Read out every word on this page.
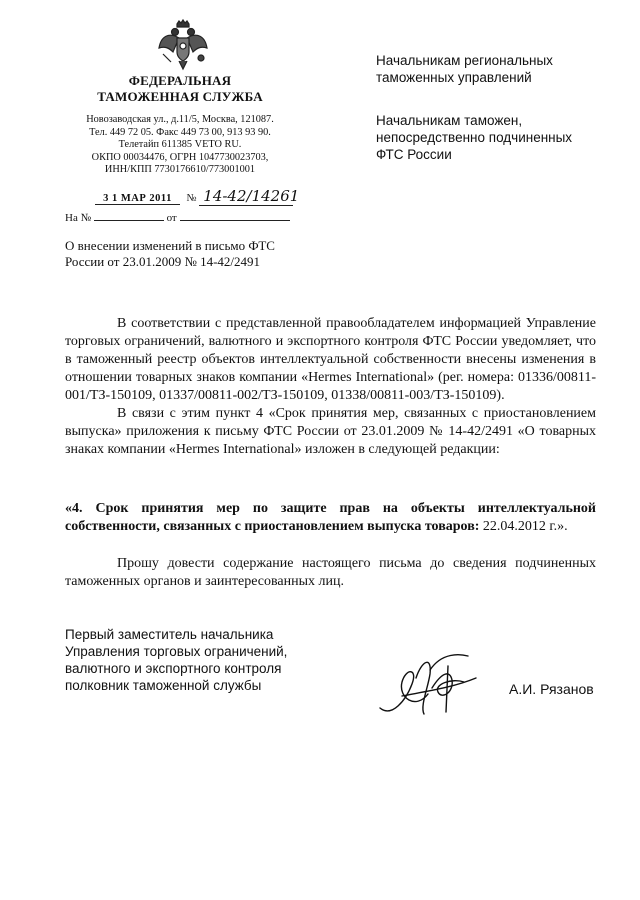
ФЕДЕРАЛЬНАЯ
ТАМОЖЕННАЯ СЛУЖБА
Новозаводская ул., д.11/5, Москва, 121087.
Тел. 449 72 05. Факс 449 73 00, 913 93 90.
Телетайп 611385 VETO RU.
ОКПО 00034476, ОГРН 1047730023703,
ИНН/КПП 7730176610/773001001
3 1 МАР 2011 № 14-42/14261
На №	от
О внесении изменений в письмо ФТС
России от 23.01.2009 № 14-42/2491
Начальникам региональных
таможенных управлений
Начальникам таможен,
непосредственно подчиненных
ФТС России
В соответствии с представленной правообладателем информацией Управление торговых ограничений, валютного и экспортного контроля ФТС России уведомляет, что в таможенный реестр объектов интеллектуальной собственности внесены изменения в отношении товарных знаков компании «Hermes International» (рег. номера: 01336/00811-001/ТЗ-150109, 01337/00811-002/ТЗ-150109, 01338/00811-003/ТЗ-150109).
В связи с этим пункт 4 «Срок принятия мер, связанных с приостановлением выпуска» приложения к письму ФТС России от 23.01.2009 № 14-42/2491 «О товарных знаках компании «Hermes International» изложен в следующей редакции:
«4. Срок принятия мер по защите прав на объекты интеллектуальной собственности, связанных с приостановлением выпуска товаров: 22.04.2012 г.».
Прошу довести содержание настоящего письма до сведения подчиненных таможенных органов и заинтересованных лиц.
Первый заместитель начальника
Управления торговых ограничений,
валютного и экспортного контроля
полковник таможенной службы	А.И. Рязанов
